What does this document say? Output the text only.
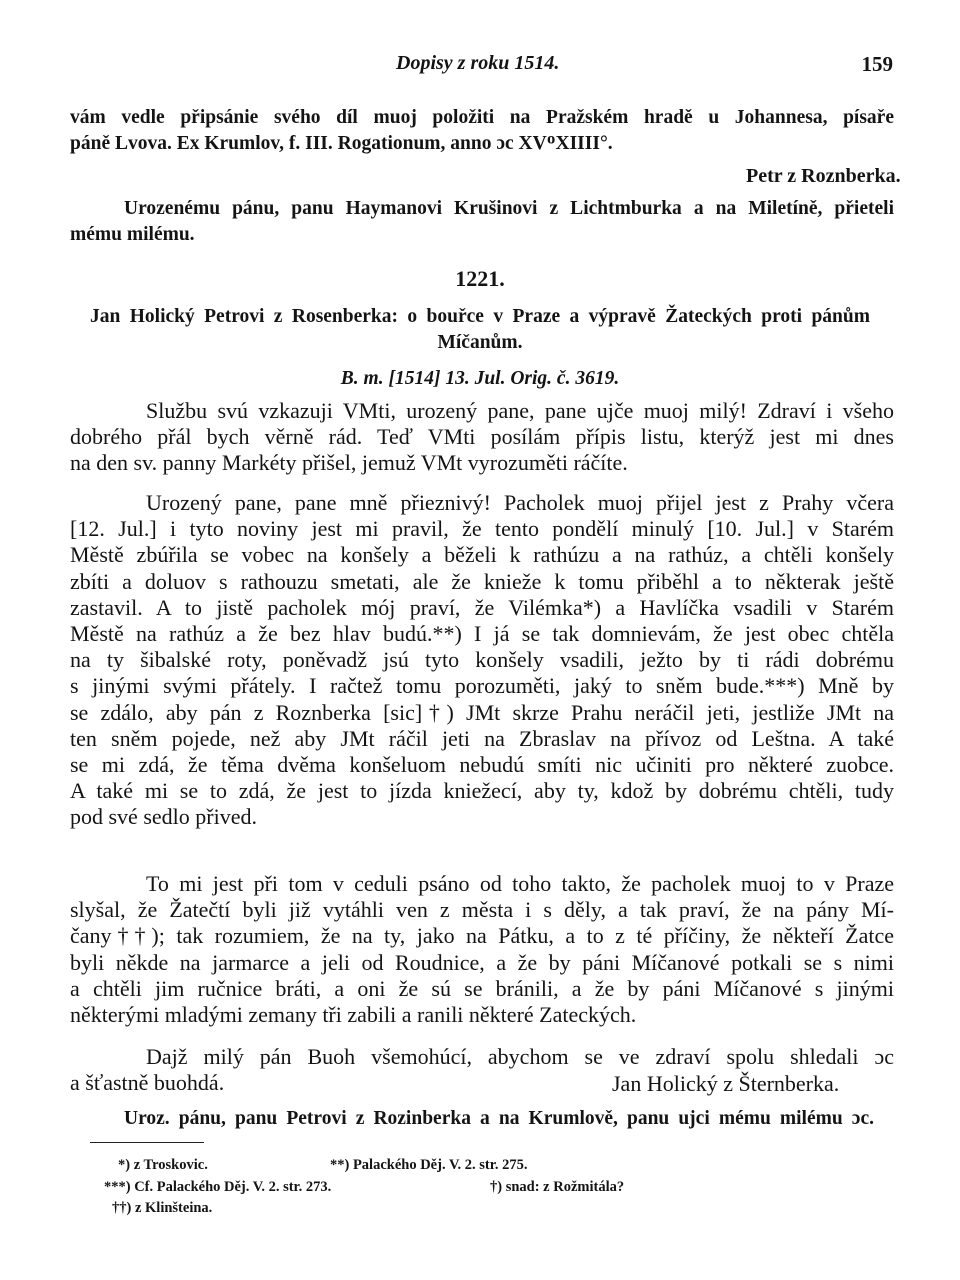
Dopisy z roku 1514.	159
vám vedle připsánie svého díl muoj položiti na Pražském hradě u Johannesa, písaře
páně Lvova. Ex Krumlov, f. III. Rogationum, anno ɔc XVᴼXIIII°.
Petr z Roznberka.
Urozenému pánu, panu Haymanovi Krušinovi z Lichtmburka a na Miletíně, přieteli
mému milému.
1221.
Jan Holický Petrovi z Rosenberka: o bouřce v Praze a výpravě Žateckých proti pánům
Míčanům.
B. m. [1514] 13. Jul. Orig. č. 3619.
Službu svú vzkazuji VMti, urozený pane, pane ujče muoj milý! Zdraví i všeho
dobrého přál bych věrně rád. Teď VMti posílám přípis listu, kterýž jest mi dnes
na den sv. panny Markéty přišel, jemuž VMt vyrozuměti ráčíte.
Urozený pane, pane mně přieznivý! Pacholek muoj přijel jest z Prahy včera
[12. Jul.] i tyto noviny jest mi pravil, že tento pondělí minulý [10. Jul.] v Starém
Městě zbúřila se vobec na konšely a běželi k rathúzu a na rathúz, a chtěli konšely
zbíti a doluov s rathouzu smetati, ale že knieže k tomu přiběhl a to některak ještě
zastavil. A to jistě pacholek mój praví, že Vilémka*) a Havlíčka vsadili v Starém
Městě na rathúz a že bez hlav budú.**) I já se tak domnievám, že jest obec chtěla
na ty šibalské roty, poněvadž jsú tyto konšely vsadili, ježto by ti rádi dobrému
s jinými svými přátely. I račtež tomu porozuměti, jaký to sněm bude.***) Mně by
se zdálo, aby pán z Roznberka [sic]†) JMt skrze Prahu neráčil jeti, jestliže JMt na
ten sněm pojede, než aby JMt ráčil jeti na Zbraslav na přívoz od Leštna. A také
se mi zdá, že těma dvěma konšeluom nebudú smíti nic učiniti pro některé zuobce.
A také mi se to zdá, že jest to jízda kniežecí, aby ty, kdož by dobrému chtěli, tudy
pod své sedlo přived.
To mi jest při tom v ceduli psáno od toho takto, že pacholek muoj to v Praze
slyšal, že Žatečtí byli již vytáhli ven z města i s děly, a tak praví, že na pány Mí-
čany††); tak rozumiem, že na ty, jako na Pátku, a to z té příčiny, že někteří Žatce
byli někde na jarmarce a jeli od Roudnice, a že by páni Míčanové potkali se s nimi
a chtěli jim ručnice bráti, a oni že sú se bránili, a že by páni Míčanové s jinými
některými mladými zemany tři zabili a ranili některé Zateckých.
Dajž milý pán Buoh všemohúcí, abychom se ve zdraví spolu shledali ɔc
a šťastně buohdá.	Jan Holický z Šternberka.
Uroz. pánu, panu Petrovi z Rozinberka a na Krumlově, panu ujci mému milému ɔc.
*) z Troskovic.	**) Palackého Děj. V. 2. str. 275.
***) Cf. Palackého Děj. V. 2. str. 273.	†) snad: z Rožmitála?
††) z Klinšteina.
